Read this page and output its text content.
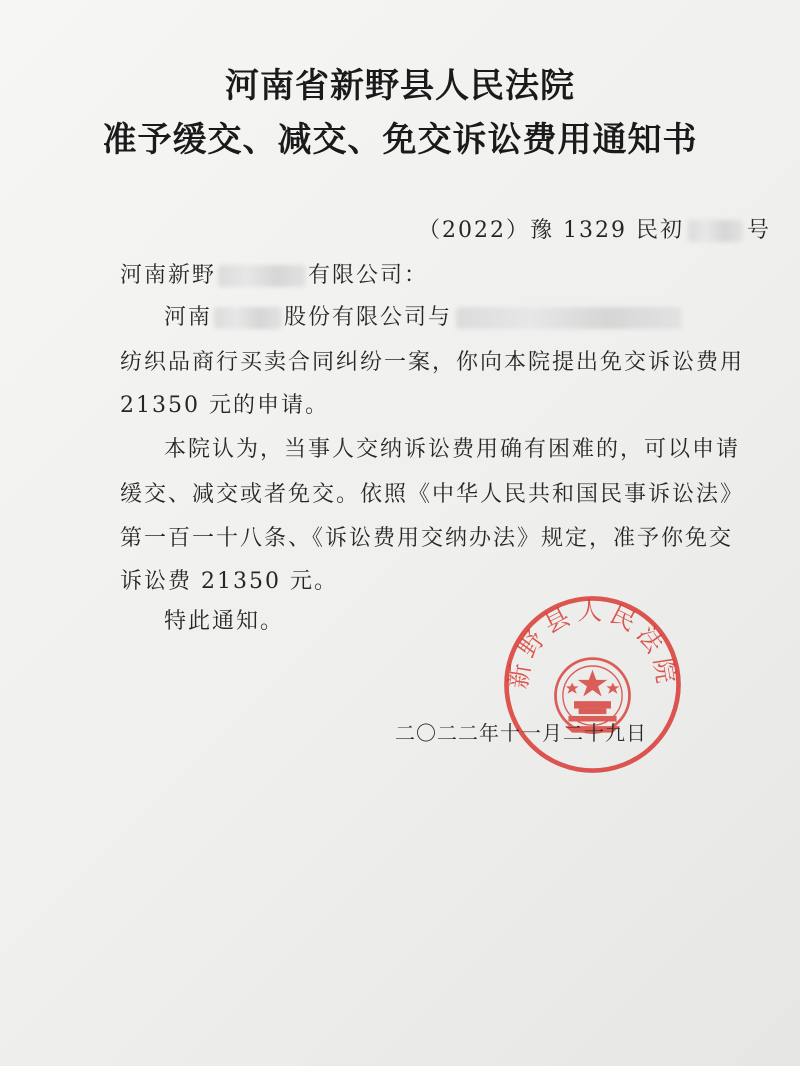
河南省新野县人民法院
准予缓交、减交、免交诉讼费用通知书
（2022）豫 1329 民初	号
河南新野	有限公司：
河南	股份有限公司与
纺织品商行买卖合同纠纷一案，你向本院提出免交诉讼费用
21350 元的申请。
本院认为，当事人交纳诉讼费用确有困难的，可以申请
缓交、减交或者免交。依照《中华人民共和国民事诉讼法》
第一百一十八条、《诉讼费用交纳办法》规定，准予你免交
诉讼费 21350 元。
特此通知。
新野县人民法院
二〇二二年十一月二十九日
